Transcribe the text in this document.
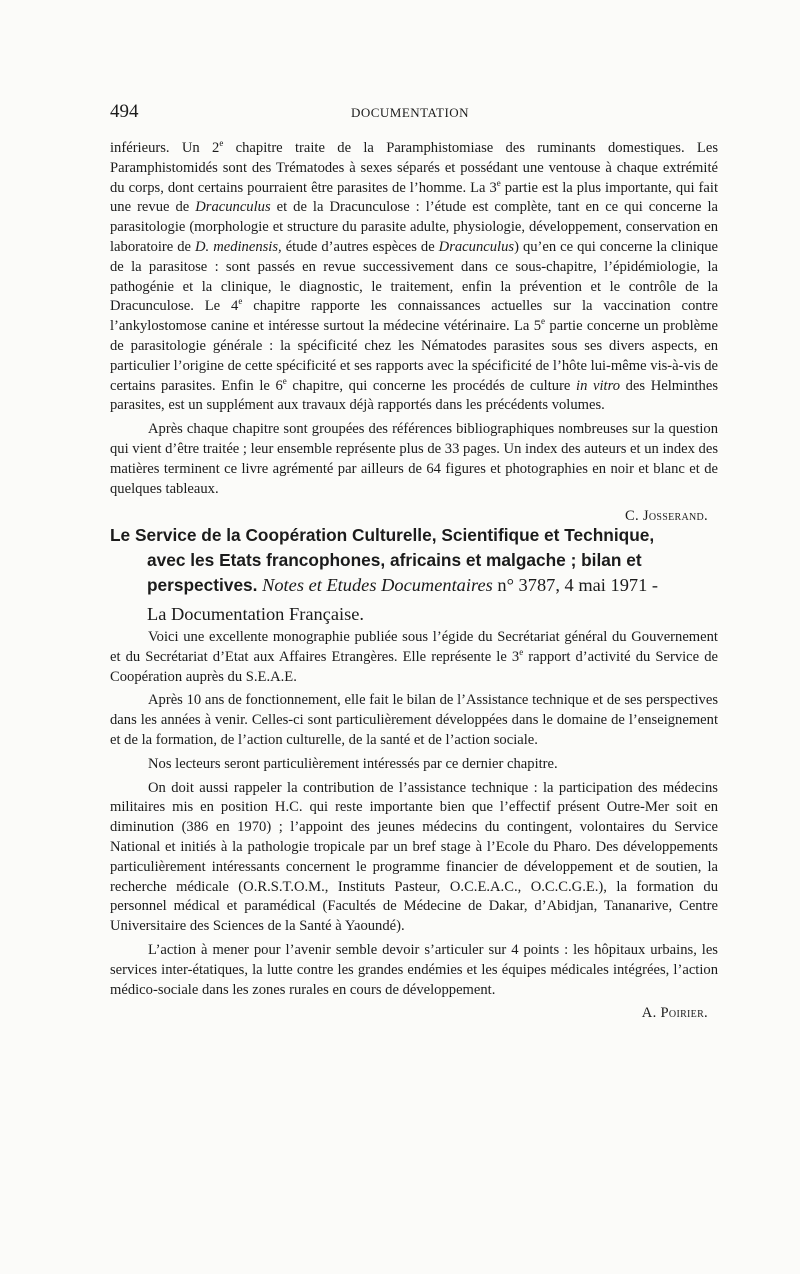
494	DOCUMENTATION

inférieurs. Un 2e chapitre traite de la Paramphistomiase des ruminants domestiques. Les Paramphistomidés sont des Trématodes à sexes séparés et possédant une ventouse à chaque extrémité du corps, dont certains pourraient être parasites de l’homme. La 3e partie est la plus importante, qui fait une revue de Dracunculus et de la Dracunculose : l’étude est complète, tant en ce qui concerne la parasitologie (morphologie et structure du parasite adulte, physiologie, développement, conservation en laboratoire de D. medinensis, étude d’autres espèces de Dracunculus) qu’en ce qui concerne la clinique de la parasitose : sont passés en revue successivement dans ce sous-chapitre, l’épidémiologie, la pathogénie et la clinique, le diagnostic, le traitement, enfin la prévention et le contrôle de la Dracunculose. Le 4e chapitre rapporte les connaissances actuelles sur la vaccination contre l’ankylostomose canine et intéresse surtout la médecine vétérinaire. La 5e partie concerne un problème de parasitologie générale : la spécificité chez les Nématodes parasites sous ses divers aspects, en particulier l’origine de cette spécificité et ses rapports avec la spécificité de l’hôte lui-même vis-à-vis de certains parasites. Enfin le 6e chapitre, qui concerne les procédés de culture in vitro des Helminthes parasites, est un supplément aux travaux déjà rapportés dans les précédents volumes.

Après chaque chapitre sont groupées des références bibliographiques nombreuses sur la question qui vient d’être traitée ; leur ensemble représente plus de 33 pages. Un index des auteurs et un index des matières terminent ce livre agrémenté par ailleurs de 64 figures et photographies en noir et blanc et de quelques tableaux.

C. Josserand.

Le Service de la Coopération Culturelle, Scientifique et Technique,

avec les Etats francophones, africains et malgache ; bilan et

perspectives. Notes et Etudes Documentaires n° 3787, 4 mai 1971 -

La Documentation Française.

Voici une excellente monographie publiée sous l’égide du Secrétariat général du Gouvernement et du Secrétariat d’Etat aux Affaires Etrangères. Elle représente le 3e rapport d’activité du Service de Coopération auprès du S.E.A.E.

Après 10 ans de fonctionnement, elle fait le bilan de l’Assistance technique et de ses perspectives dans les années à venir. Celles-ci sont particulièrement développées dans le domaine de l’enseignement et de la formation, de l’action culturelle, de la santé et de l’action sociale.

Nos lecteurs seront particulièrement intéressés par ce dernier chapitre.

On doit aussi rappeler la contribution de l’assistance technique : la participation des médecins militaires mis en position H.C. qui reste importante bien que l’effectif présent Outre-Mer soit en diminution (386 en 1970) ; l’appoint des jeunes médecins du contingent, volontaires du Service National et initiés à la pathologie tropicale par un bref stage à l’Ecole du Pharo. Des développements particulièrement intéressants concernent le programme financier de développement et de soutien, la recherche médicale (O.R.S.T.O.M., Instituts Pasteur, O.C.E.A.C., O.C.C.G.E.), la formation du personnel médical et paramédical (Facultés de Médecine de Dakar, d’Abidjan, Tananarive, Centre Universitaire des Sciences de la Santé à Yaoundé).

L’action à mener pour l’avenir semble devoir s’articuler sur 4 points : les hôpitaux urbains, les services inter-étatiques, la lutte contre les grandes endémies et les équipes médicales intégrées, l’action médico-sociale dans les zones rurales en cours de développement.

A. Poirier.
